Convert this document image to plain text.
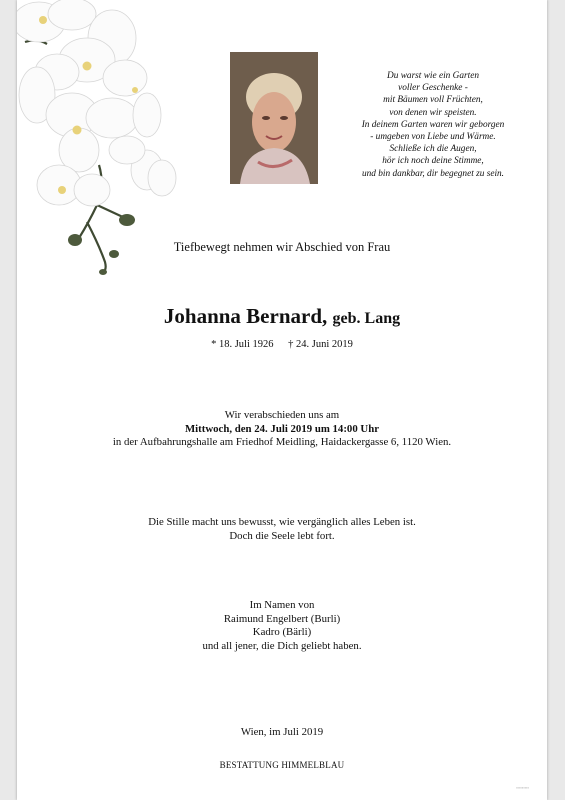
Du warst wie ein Garten
voller Geschenke -
mit Bäumen voll Früchten,
von denen wir speisten.
In deinem Garten waren wir geborgen
- umgeben von Liebe und Wärme.
Schließe ich die Augen,
hör ich noch deine Stimme,
und bin dankbar, dir begegnet zu sein.
Tiefbewegt nehmen wir Abschied von Frau
Johanna Bernard, geb. Lang
* 18. Juli 1926 † 24. Juni 2019
Wir verabschieden uns am
Mittwoch, den 24. Juli 2019 um 14:00 Uhr
in der Aufbahrungshalle am Friedhof Meidling, Haidackergasse 6, 1120 Wien.
Die Stille macht uns bewusst, wie vergänglich alles Leben ist.
Doch die Seele lebt fort.
Im Namen von
Raimund Engelbert (Burli)
Kadro (Bärli)
und all jener, die Dich geliebt haben.
Wien, im Juli 2019
BESTATTUNG HIMMELBLAU
▪▪▪▪▪▪▪▪▪
